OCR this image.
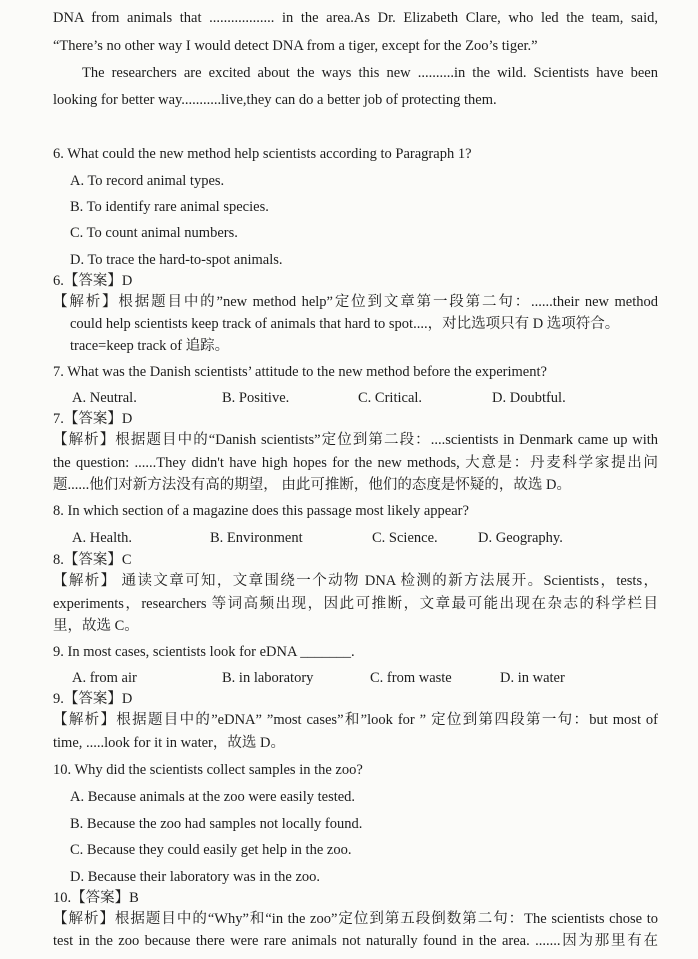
DNA from animals that .................. in the area.As Dr. Elizabeth Clare, who led the team, said,
“There’s no other way I would detect DNA from a tiger, except for the Zoo’s tiger.”
The researchers are excited about the ways this new ..........in the wild. Scientists have been
looking for better way...........live,they can do a better job of protecting them.
6. What could the new method help scientists according to Paragraph 1?
A. To record animal types.
B. To identify rare animal species.
C. To count animal numbers.
D. To trace the hard-to-spot animals.
6.【答案】D
【解析】根据题目中的”new method help”定位到文章第一段第二句：......their new method
could help scientists keep track of animals that hard to spot....，对比选项只有 D 选项符合。
trace=keep track of 追踪。
7. What was the Danish scientists’ attitude to the new method before the experiment?
A. Neutral.	B. Positive.	C. Critical.	D. Doubtful.
7.【答案】D
【解析】根据题目中的“Danish scientists”定位到第二段：....scientists in Denmark came up with
the question: ......They didn't have high hopes for the new methods, 大意是：丹麦科学家提出问
题......他们对新方法没有高的期望， 由此可推断，他们的态度是怀疑的，故选 D。
8. In which section of a magazine does this passage most likely appear?
A. Health.	B. Environment	C. Science.	D. Geography.
8.【答案】C
【解析】 通读文章可知，文章围绕一个动物 DNA 检测的新方法展开。Scientists，tests，
experiments，researchers 等词高频出现，因此可推断，文章最可能出现在杂志的科学栏目
里，故选 C。
9. In most cases, scientists look for eDNA _______.
A. from air	B. in laboratory	C. from waste	D. in water
9.【答案】D
【解析】根据题目中的”eDNA” ”most cases”和”look for ” 定位到第四段第一句：but most of
time, .....look for it in water，故选 D。
10. Why did the scientists collect samples in the zoo?
A. Because animals at the zoo were easily tested.
B. Because the zoo had samples not locally found.
C. Because they could easily get help in the zoo.
D. Because their laboratory was in the zoo.
10.【答案】B
【解析】根据题目中的“Why”和“in the zoo”定位到第五段倒数第二句：The scientists chose to
test in the zoo because there were rare animals not naturally found in the area. .......因为那里有在
